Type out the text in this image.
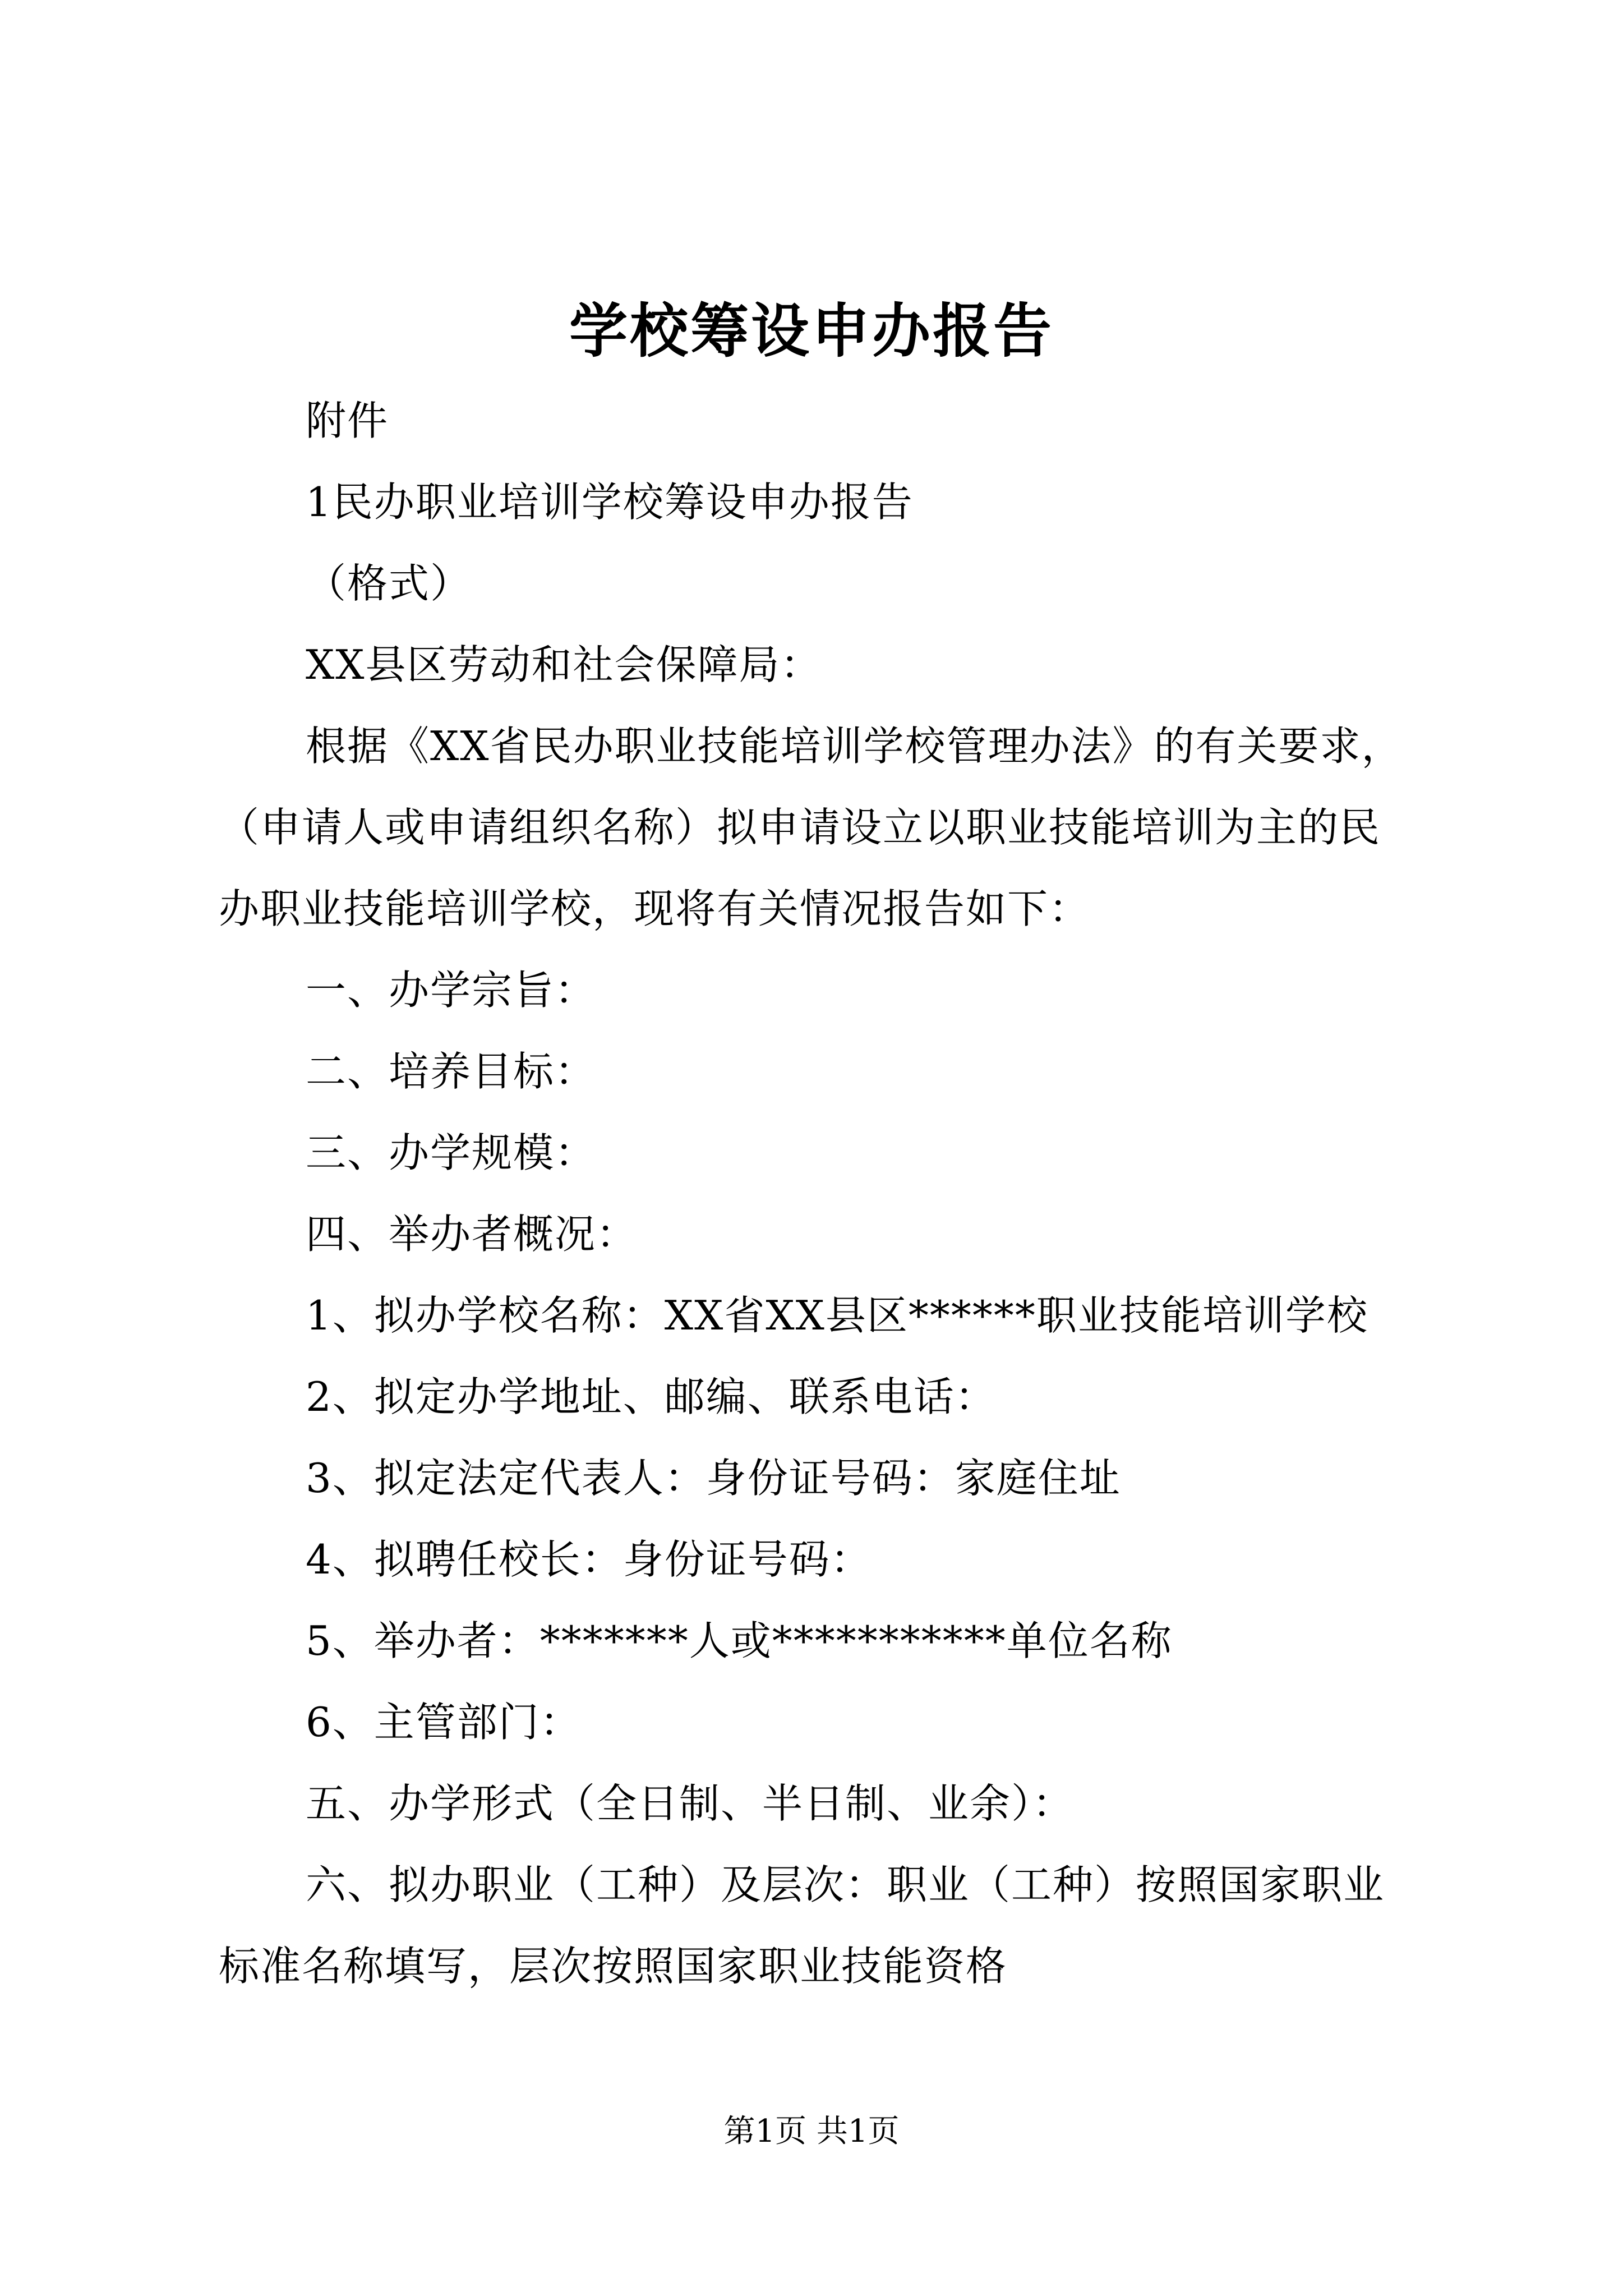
学校筹设申办报告
附件
1民办职业培训学校筹设申办报告
（格式）
XX县区劳动和社会保障局：
根据《XX省民办职业技能培训学校管理办法》的有关要求，
（申请人或申请组织名称）拟申请设立以职业技能培训为主的民
办职业技能培训学校，现将有关情况报告如下：
一、办学宗旨：
二、培养目标：
三、办学规模：
四、举办者概况：
1、拟办学校名称：XX省XX县区******职业技能培训学校
2、拟定办学地址、邮编、联系电话：
3、拟定法定代表人：身份证号码：家庭住址
4、拟聘任校长：身份证号码：
5、举办者：*******人或***********单位名称
6、主管部门：
五、办学形式（全日制、半日制、业余）：
六、拟办职业（工种）及层次：职业（工种）按照国家职业
标准名称填写，层次按照国家职业技能资格
第1页 共1页
